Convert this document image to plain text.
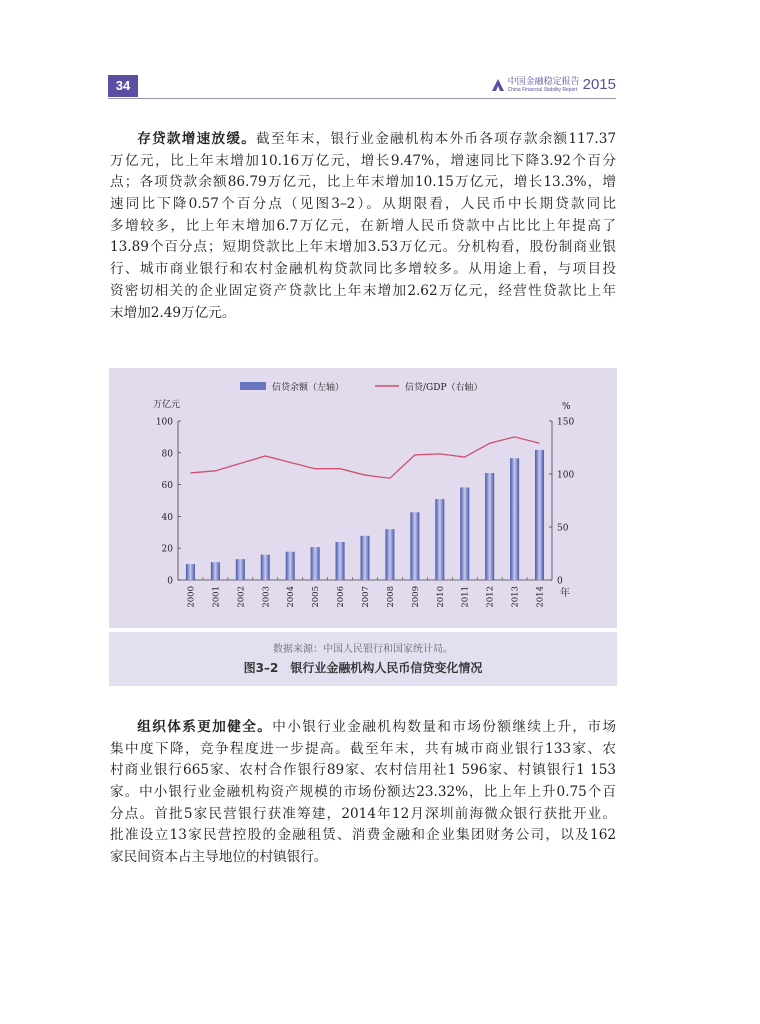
34	中国金融稳定报告
China Financial Stability Report 2015
存贷款增速放缓。截至年末，银行业金融机构本外币各项存款余额117.37
万亿元，比上年末增加10.16万亿元，增长9.47%，增速同比下降3.92个百分
点；各项贷款余额86.79万亿元，比上年末增加10.15万亿元，增长13.3%，增
速同比下降0.57个百分点（见图3–2）。从期限看，人民币中长期贷款同比
多增较多，比上年末增加6.7万亿元，在新增人民币贷款中占比比上年提高了
13.89个百分点；短期贷款比上年末增加3.53万亿元。分机构看，股份制商业银
行、城市商业银行和农村金融机构贷款同比多增较多。从用途上看，与项目投
资密切相关的企业固定资产贷款比上年末增加2.62万亿元，经营性贷款比上年
末增加2.49万亿元。
信贷余额（左轴）	信贷/GDP（右轴）
万亿元	%
年
0
20
40
60
80
100
0
50
100
150
2000 2001 2002 2003 2004 2005 2006 2007 2008 2009 2010 2011 2012 2013 2014
数据来源：中国人民银行和国家统计局。
图3–2　银行业金融机构人民币信贷变化情况
组织体系更加健全。中小银行业金融机构数量和市场份额继续上升，市场
集中度下降，竞争程度进一步提高。截至年末，共有城市商业银行133家、农
村商业银行665家、农村合作银行89家、农村信用社1 596家、村镇银行1 153
家。中小银行业金融机构资产规模的市场份额达23.32%，比上年上升0.75个百
分点。首批5家民营银行获准筹建，2014年12月深圳前海微众银行获批开业。
批准设立13家民营控股的金融租赁、消费金融和企业集团财务公司，以及162
家民间资本占主导地位的村镇银行。
